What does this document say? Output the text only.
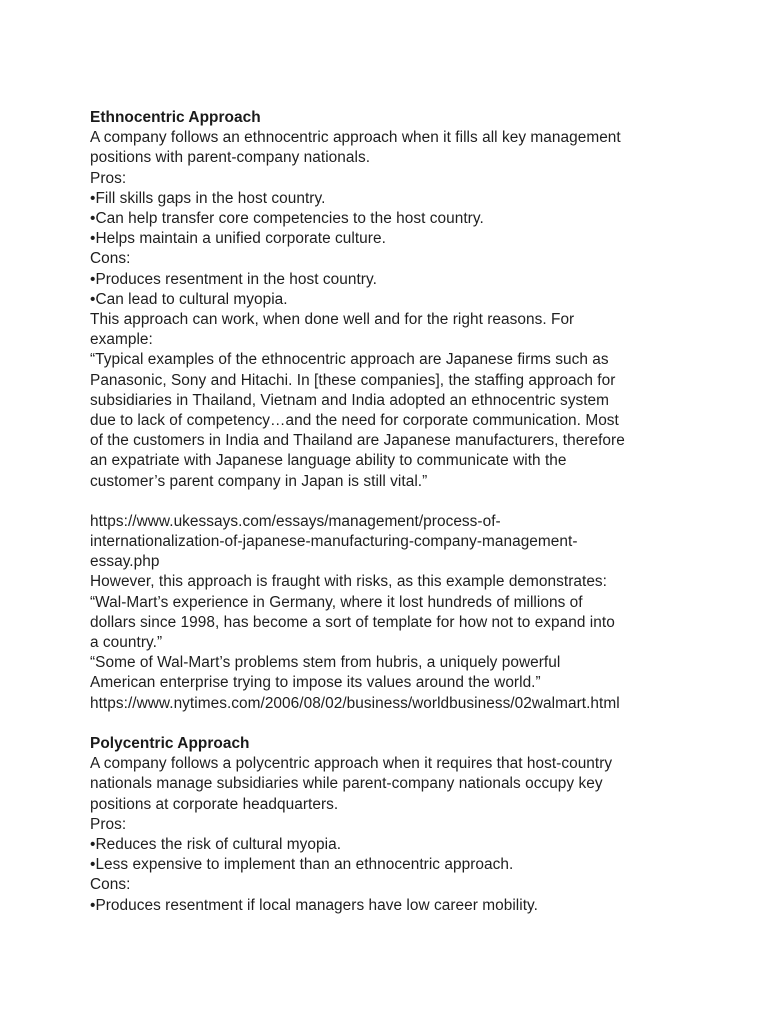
Ethnocentric Approach
A company follows an ethnocentric approach when it fills all key management
positions with parent-company nationals.
Pros:
•Fill skills gaps in the host country.
•Can help transfer core competencies to the host country.
•Helps maintain a unified corporate culture.
Cons:
•Produces resentment in the host country.
•Can lead to cultural myopia.
This approach can work, when done well and for the right reasons. For
example:
“Typical examples of the ethnocentric approach are Japanese firms such as
Panasonic, Sony and Hitachi. In [these companies], the staffing approach for
subsidiaries in Thailand, Vietnam and India adopted an ethnocentric system
due to lack of competency…and the need for corporate communication. Most
of the customers in India and Thailand are Japanese manufacturers, therefore
an expatriate with Japanese language ability to communicate with the
customer’s parent company in Japan is still vital.”
https://www.ukessays.com/essays/management/process-of-
internationalization-of-japanese-manufacturing-company-management-
essay.php
However, this approach is fraught with risks, as this example demonstrates:
“Wal-Mart’s experience in Germany, where it lost hundreds of millions of
dollars since 1998, has become a sort of template for how not to expand into
a country.”
“Some of Wal-Mart’s problems stem from hubris, a uniquely powerful
American enterprise trying to impose its values around the world.”
https://www.nytimes.com/2006/08/02/business/worldbusiness/02walmart.html
Polycentric Approach
A company follows a polycentric approach when it requires that host-country
nationals manage subsidiaries while parent-company nationals occupy key
positions at corporate headquarters.
Pros:
•Reduces the risk of cultural myopia.
•Less expensive to implement than an ethnocentric approach.
Cons:
•Produces resentment if local managers have low career mobility.
